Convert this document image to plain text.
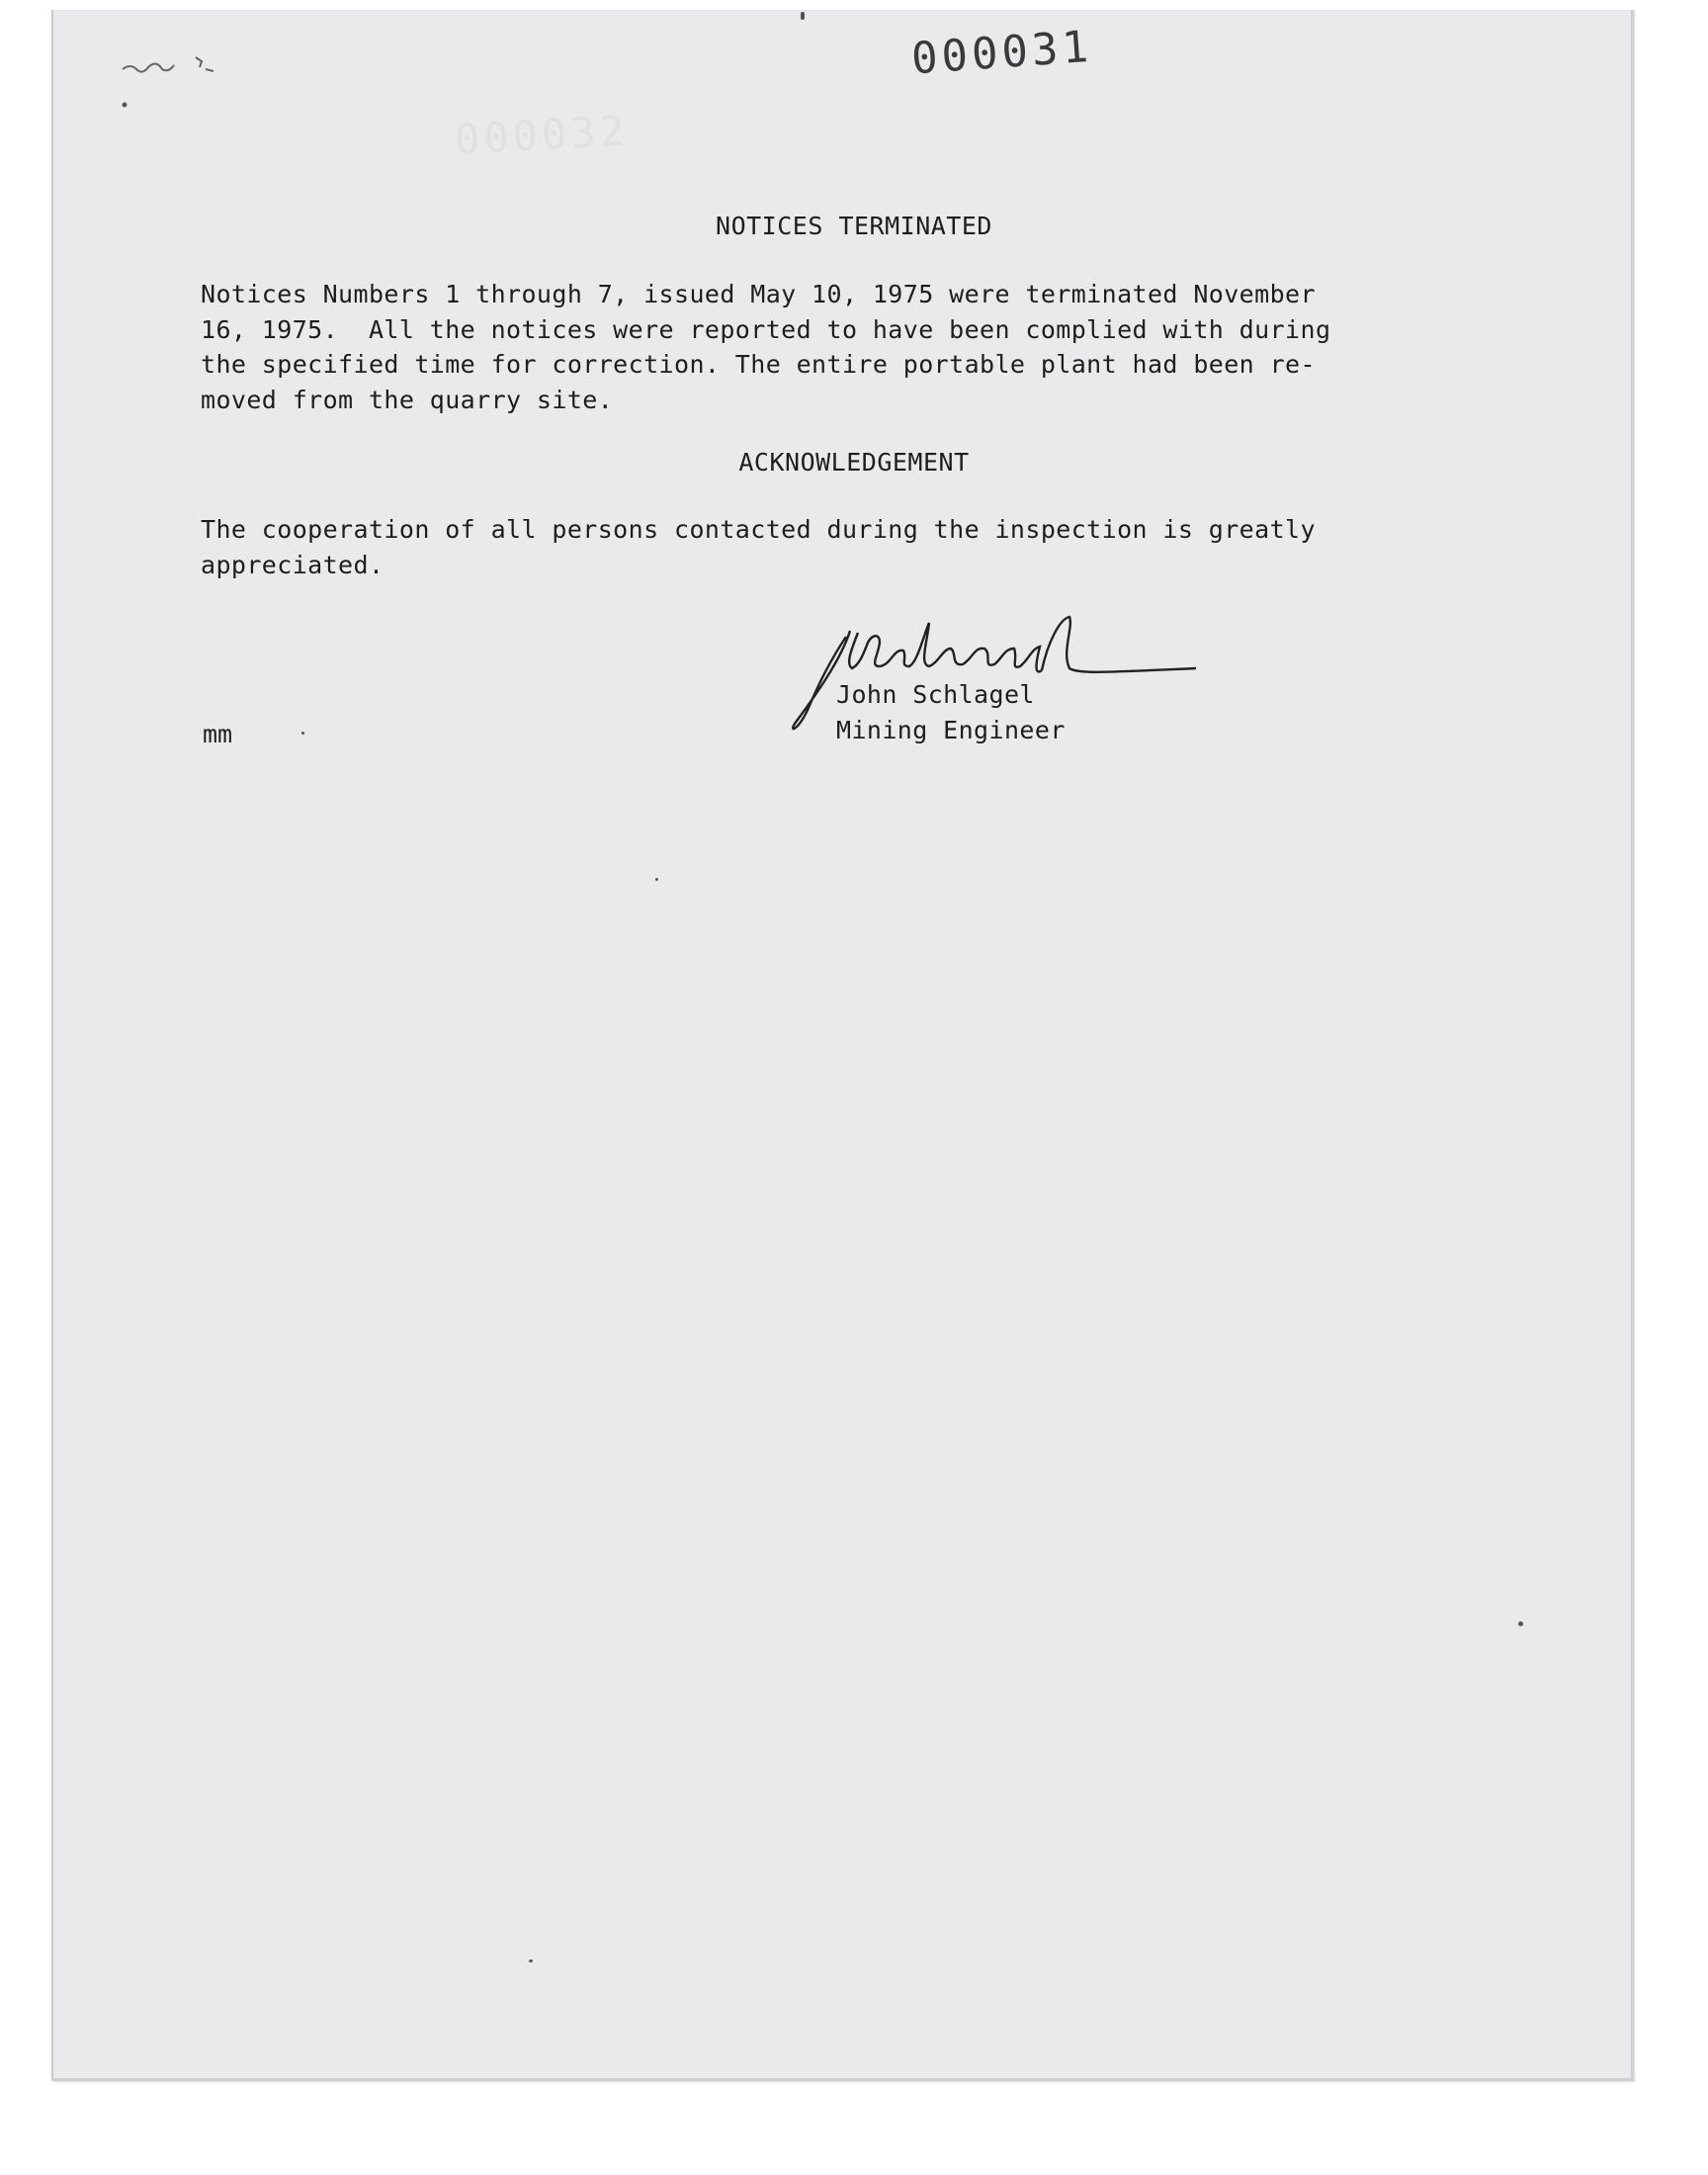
000032
000031
NOTICES TERMINATED
Notices Numbers 1 through 7, issued May 10, 1975 were terminated November
16, 1975.  All the notices were reported to have been complied with during
the specified time for correction. The entire portable plant had been re-
moved from the quarry site.
ACKNOWLEDGEMENT
The cooperation of all persons contacted during the inspection is greatly
appreciated.
J Schlagel
John Schlagel
Mining Engineer
mm
